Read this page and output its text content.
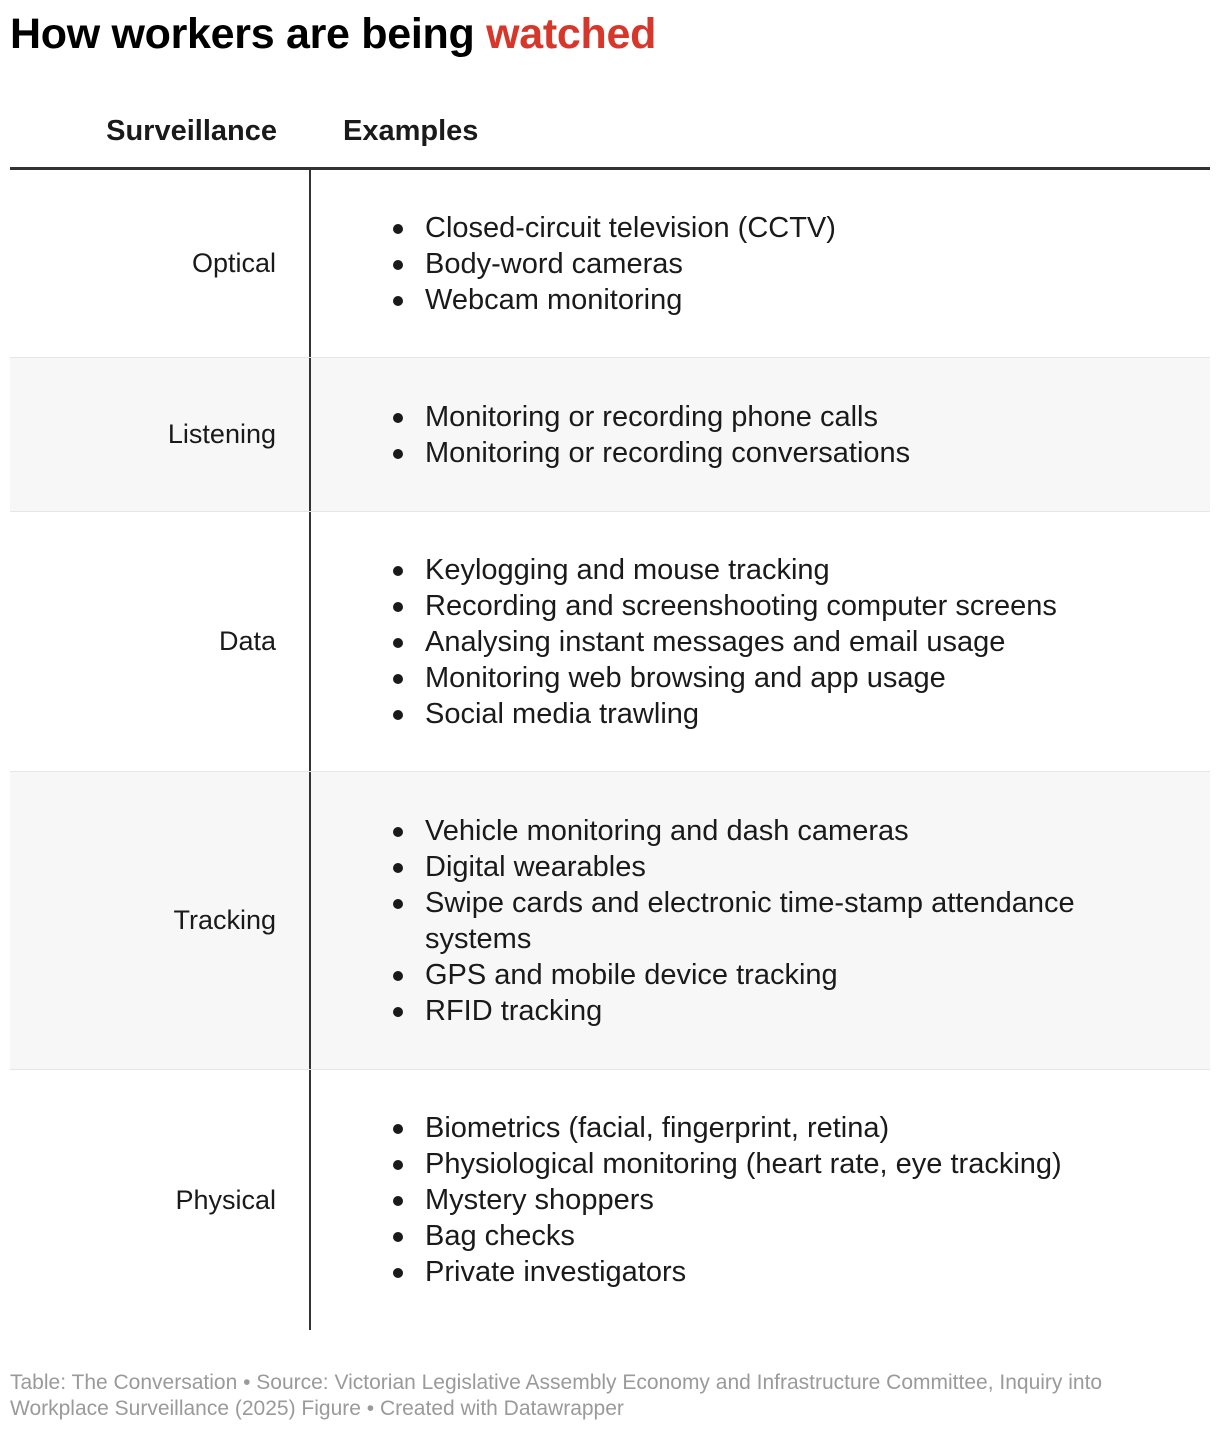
How workers are being watched
Surveillance	Examples
Optical
Closed-circuit television (CCTV)
Body-word cameras
Webcam monitoring
Listening
Monitoring or recording phone calls
Monitoring or recording conversations
Data
Keylogging and mouse tracking
Recording and screenshooting computer screens
Analysing instant messages and email usage
Monitoring web browsing and app usage
Social media trawling
Tracking
Vehicle monitoring and dash cameras
Digital wearables
Swipe cards and electronic time-stamp attendance systems
GPS and mobile device tracking
RFID tracking
Physical
Biometrics (facial, fingerprint, retina)
Physiological monitoring (heart rate, eye tracking)
Mystery shoppers
Bag checks
Private investigators
Table: The Conversation • Source: Victorian Legislative Assembly Economy and Infrastructure Committee, Inquiry into Workplace Surveillance (2025) Figure • Created with Datawrapper
